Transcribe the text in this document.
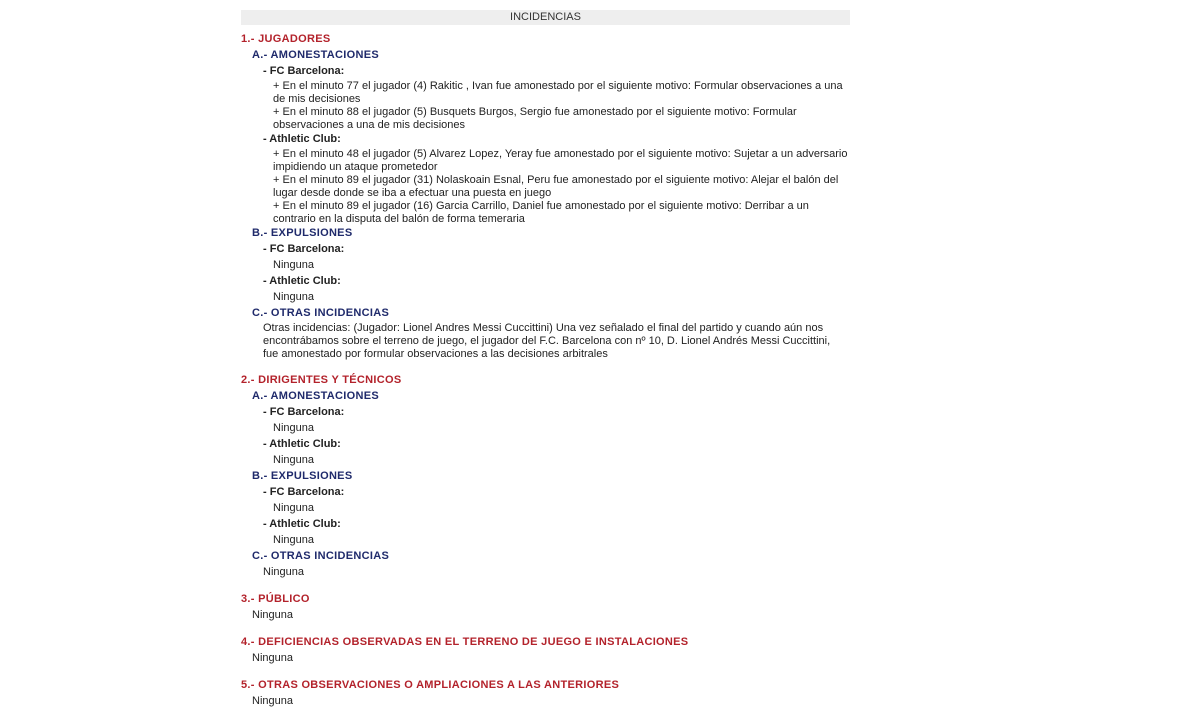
INCIDENCIAS
1.- JUGADORES
A.- AMONESTACIONES
- FC Barcelona:
+ En el minuto 77 el jugador (4) Rakitic , Ivan fue amonestado por el siguiente motivo: Formular observaciones a una de mis decisiones
+ En el minuto 88 el jugador (5) Busquets Burgos, Sergio fue amonestado por el siguiente motivo: Formular observaciones a una de mis decisiones
- Athletic Club:
+ En el minuto 48 el jugador (5) Alvarez Lopez, Yeray fue amonestado por el siguiente motivo: Sujetar a un adversario impidiendo un ataque prometedor
+ En el minuto 89 el jugador (31) Nolaskoain Esnal, Peru fue amonestado por el siguiente motivo: Alejar el balón del lugar desde donde se iba a efectuar una puesta en juego
+ En el minuto 89 el jugador (16) Garcia Carrillo, Daniel fue amonestado por el siguiente motivo: Derribar a un contrario en la disputa del balón de forma temeraria
B.- EXPULSIONES
- FC Barcelona:
Ninguna
- Athletic Club:
Ninguna
C.- OTRAS INCIDENCIAS
Otras incidencias: (Jugador: Lionel Andres Messi Cuccittini) Una vez señalado el final del partido y cuando aún nos encontrábamos sobre el terreno de juego, el jugador del F.C. Barcelona con nº 10, D. Lionel Andrés Messi Cuccittini, fue amonestado por formular observaciones a las decisiones arbitrales
2.- DIRIGENTES Y TÉCNICOS
A.- AMONESTACIONES
- FC Barcelona:
Ninguna
- Athletic Club:
Ninguna
B.- EXPULSIONES
- FC Barcelona:
Ninguna
- Athletic Club:
Ninguna
C.- OTRAS INCIDENCIAS
Ninguna
3.- PÚBLICO
Ninguna
4.- DEFICIENCIAS OBSERVADAS EN EL TERRENO DE JUEGO E INSTALACIONES
Ninguna
5.- OTRAS OBSERVACIONES O AMPLIACIONES A LAS ANTERIORES
Ninguna
